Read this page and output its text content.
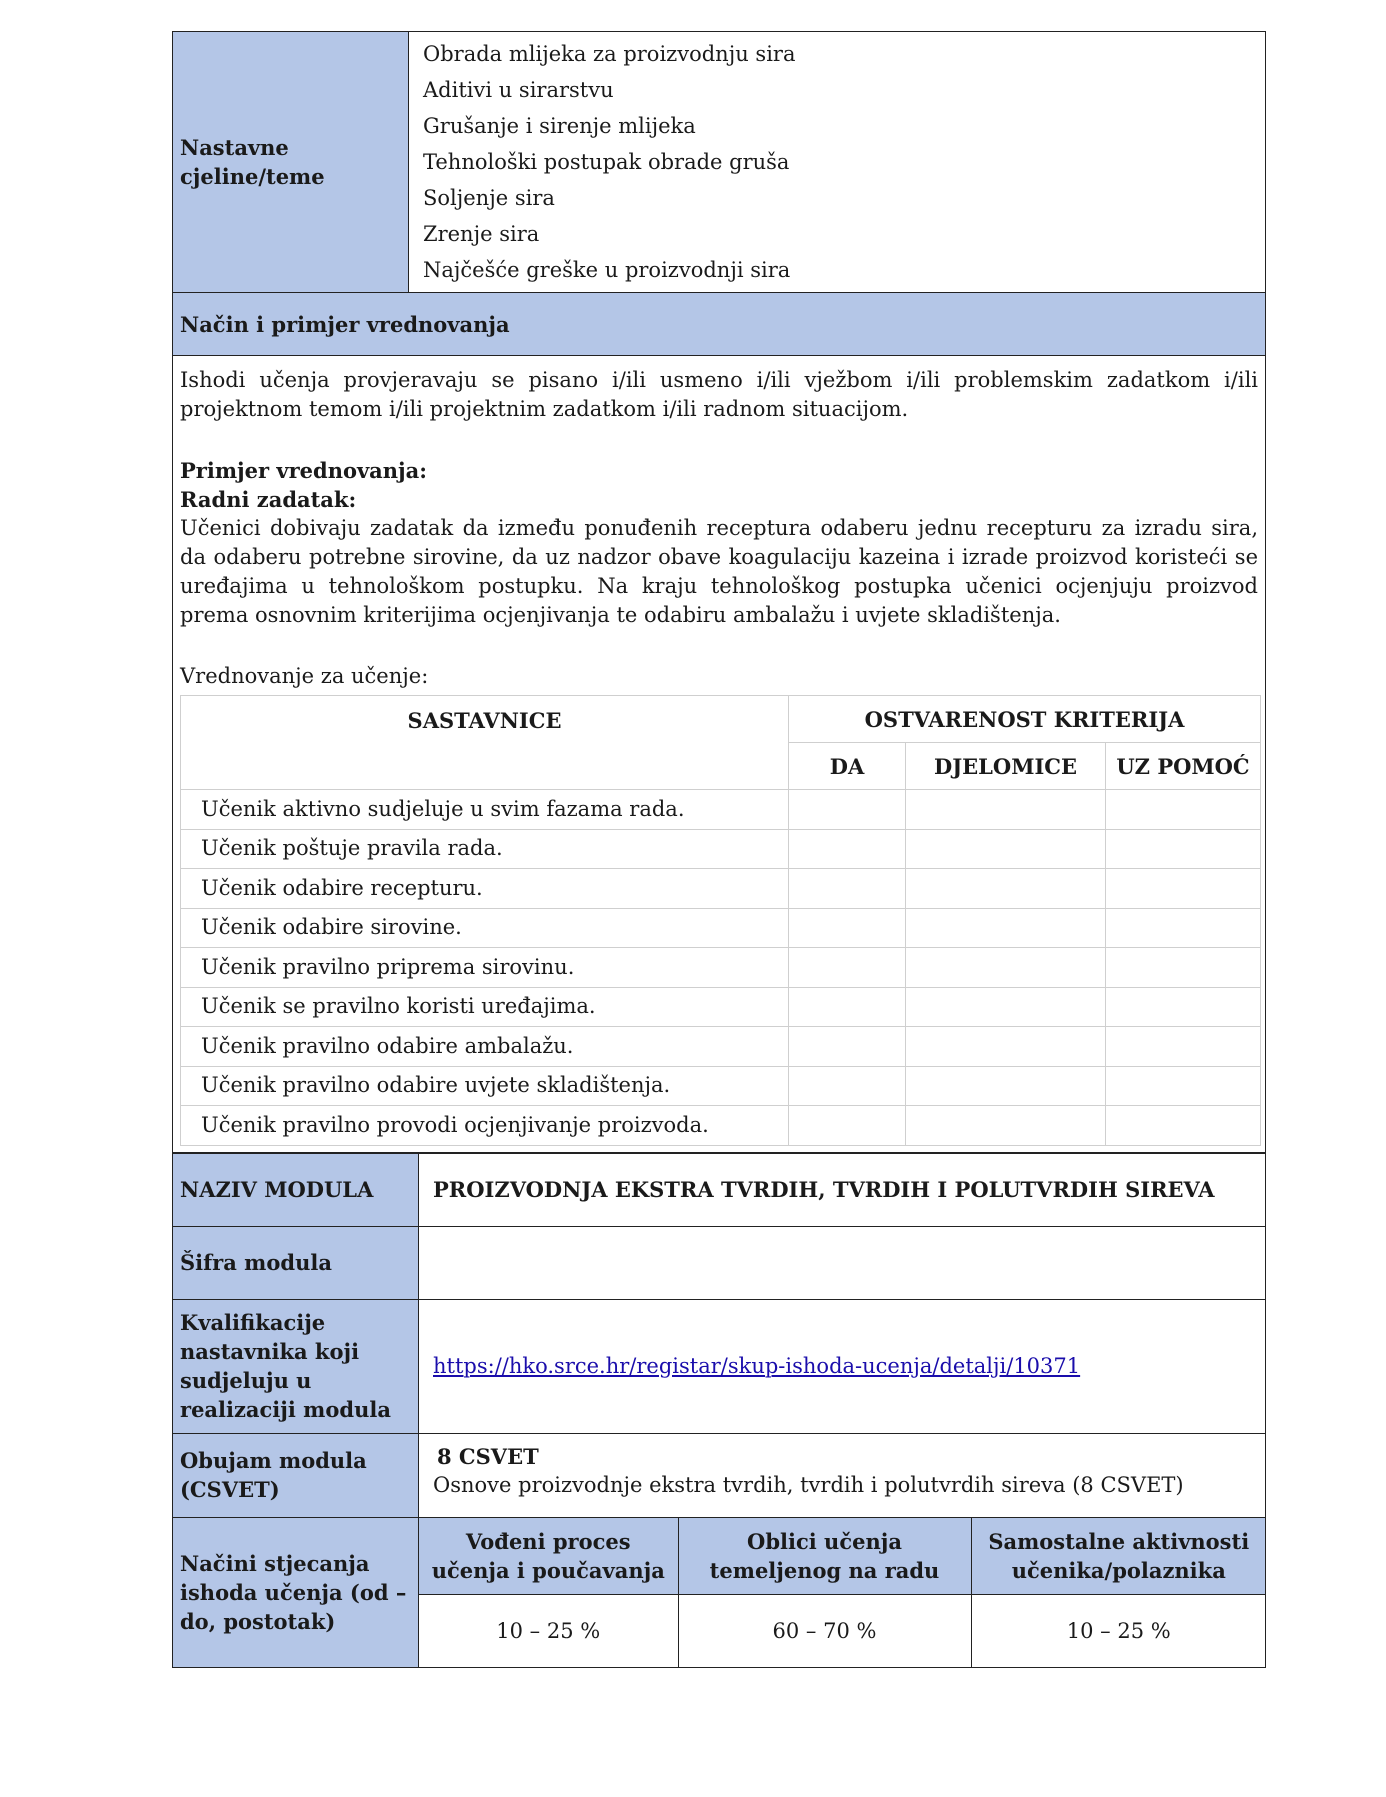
Nastavne cjeline/teme	
Obrada mlijeka za proizvodnju sira
Aditivi u sirarstvu
Grušanje i sirenje mlijeka
Tehnološki postupak obrade gruša
Soljenje sira
Zrenje sira
Najčešće greške u proizvodnji sira

Način i primjer vrednovanja

Ishodi učenja provjeravaju se pisano i/ili usmeno i/ili vježbom i/ili problemskim zadatkom i/ili projektnom temom i/ili projektnim zadatkom i/ili radnom situacijom.

Primjer vrednovanja:
Radni zadatak:

Učenici dobivaju zadatak da između ponuđenih receptura odaberu jednu recepturu za izradu sira, da odaberu potrebne sirovine, da uz nadzor obave koagulaciju kazeina i izrade proizvod koristeći se uređajima u tehnološkom postupku. Na kraju tehnološkog postupka učenici ocjenjuju proizvod prema osnovnim kriterijima ocjenjivanja te odabiru ambalažu i uvjete skladištenja.

Vrednovanje za učenje:
SASTAVNICE	OSTVARENOST KRITERIJA
DA	DJELOMICE	UZ POMOĆ
Učenik aktivno sudjeluje u svim fazama rada.			
Učenik poštuje pravila rada.			
Učenik odabire recepturu.			
Učenik odabire sirovine.			
Učenik pravilno priprema sirovinu.			
Učenik se pravilno koristi uređajima.			
Učenik pravilno odabire ambalažu.			
Učenik pravilno odabire uvjete skladištenja.			
Učenik pravilno provodi ocjenjivanje proizvoda.			
NAZIV MODULA	PROIZVODNJA EKSTRA TVRDIH, TVRDIH I POLUTVRDIH SIREVA
Šifra modula	
Kvalifikacije nastavnika koji sudjeluju u realizaciji modula	https://hko.srce.hr/registar/skup-ishoda-ucenja/detalji/10371
Obujam modula (CSVET)	
8 CSVET
Osnove proizvodnje ekstra tvrdih, tvrdih i polutvrdih sireva (8 CSVET)

Načini stjecanja ishoda učenja (od –do, postotak)	
Vođeni proces učenja i poučavanja	Oblici učenja temeljenog na radu	Samostalne aktivnosti učenika/polaznika
10 – 25 %	60 – 70 %	10 – 25 %
